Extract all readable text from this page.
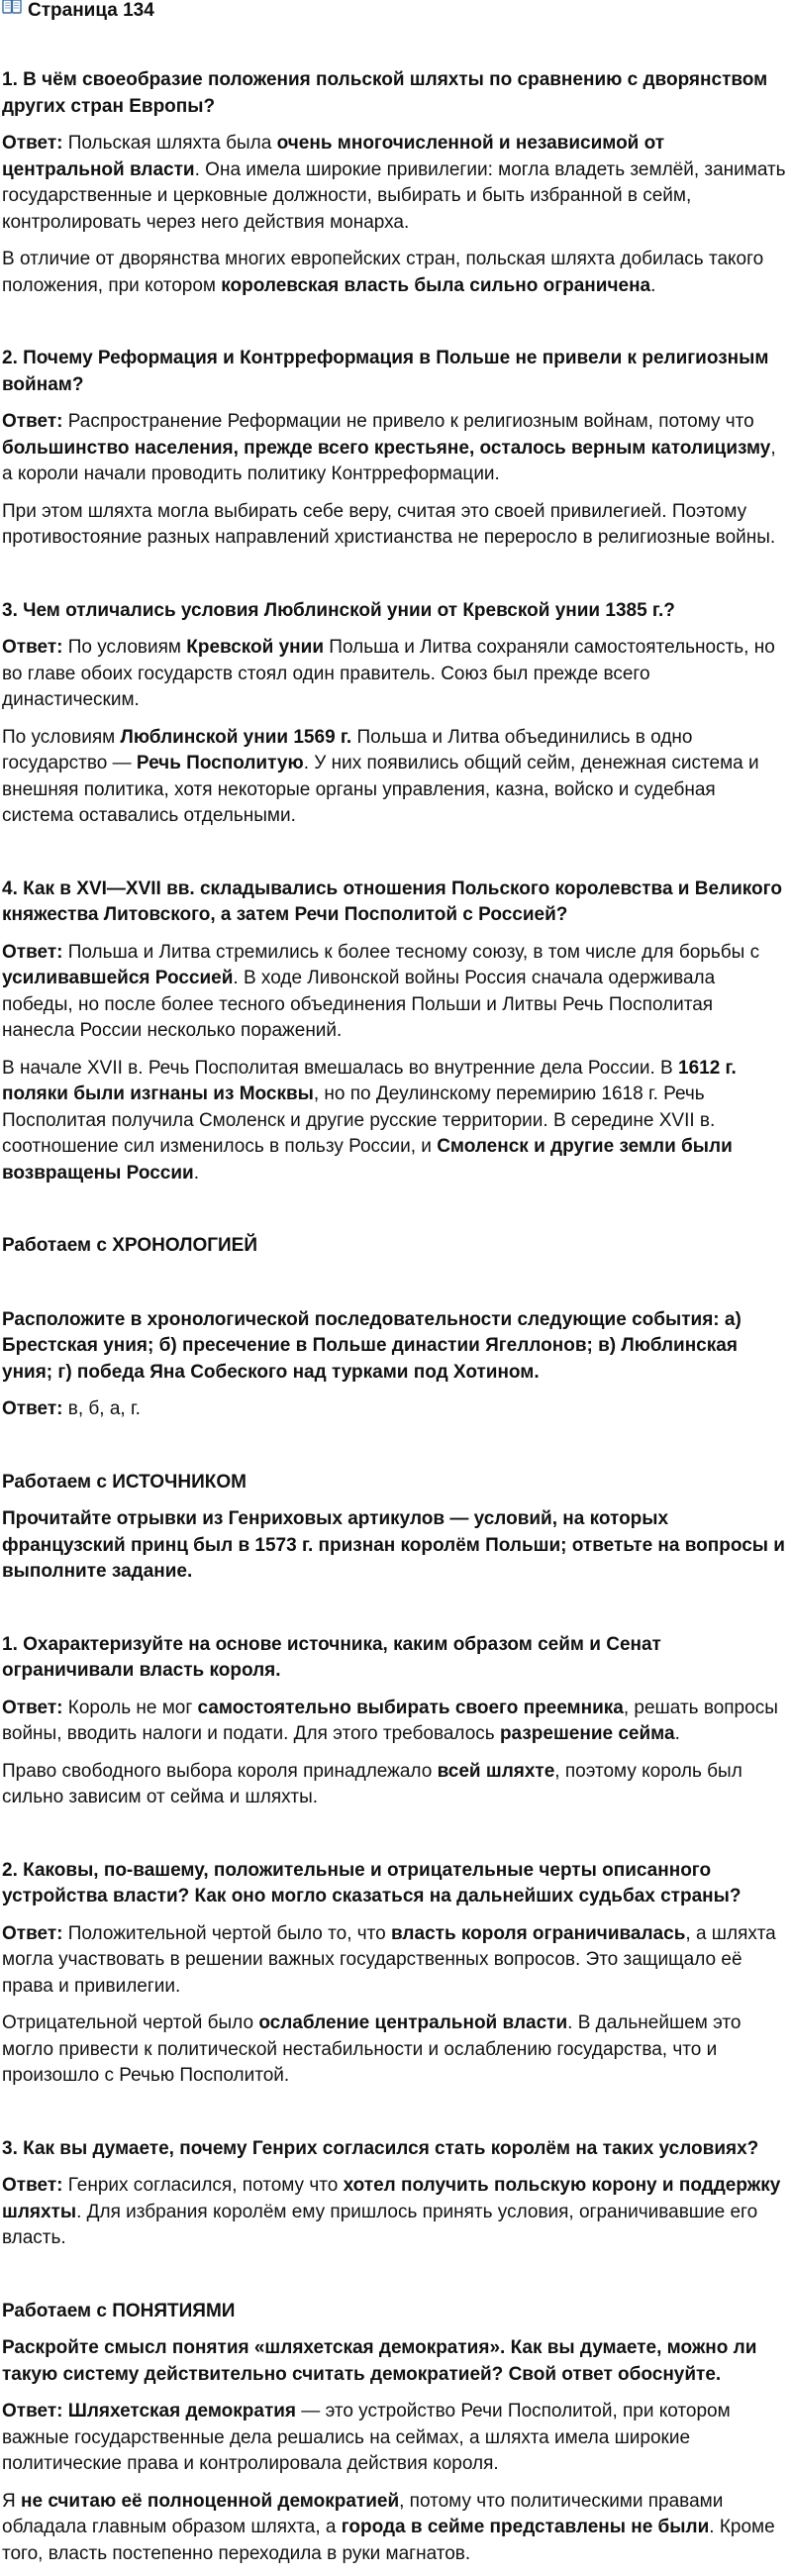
Страница 134

1. В чём своеобразие положения польской шляхты по сравнению с дворянством других стран Европы?

Ответ: Польская шляхта была очень многочисленной и независимой от центральной власти. Она имела широкие привилегии: могла владеть землёй, занимать государственные и церковные должности, выбирать и быть избранной в сейм, контролировать через него действия монарха.

В отличие от дворянства многих европейских стран, польская шляхта добилась такого положения, при котором королевская власть была сильно ограничена.

2. Почему Реформация и Контрреформация в Польше не привели к религиозным войнам?

Ответ: Распространение Реформации не привело к религиозным войнам, потому что большинство населения, прежде всего крестьяне, осталось верным католицизму, а короли начали проводить политику Контрреформации.

При этом шляхта могла выбирать себе веру, считая это своей привилегией. Поэтому противостояние разных направлений христианства не переросло в религиозные войны.

3. Чем отличались условия Люблинской унии от Кревской унии 1385 г.?

Ответ: По условиям Кревской унии Польша и Литва сохраняли самостоятельность, но во главе обоих государств стоял один правитель. Союз был прежде всего династическим.

По условиям Люблинской унии 1569 г. Польша и Литва объединились в одно государство — Речь Посполитую. У них появились общий сейм, денежная система и внешняя политика, хотя некоторые органы управления, казна, войско и судебная система оставались отдельными.

4. Как в XVI—XVII вв. складывались отношения Польского королевства и Великого княжества Литовского, а затем Речи Посполитой с Россией?

Ответ: Польша и Литва стремились к более тесному союзу, в том числе для борьбы с усиливавшейся Россией. В ходе Ливонской войны Россия сначала одерживала победы, но после более тесного объединения Польши и Литвы Речь Посполитая нанесла России несколько поражений.

В начале XVII в. Речь Посполитая вмешалась во внутренние дела России. В 1612 г. поляки были изгнаны из Москвы, но по Деулинскому перемирию 1618 г. Речь Посполитая получила Смоленск и другие русские территории. В середине XVII в. соотношение сил изменилось в пользу России, и Смоленск и другие земли были возвращены России.

Работаем с ХРОНОЛОГИЕЙ

Расположите в хронологической последовательности следующие события: а) Брестская уния; б) пресечение в Польше династии Ягеллонов; в) Люблинская уния; г) победа Яна Собеского над турками под Хотином.

Ответ: в, б, а, г.

Работаем с ИСТОЧНИКОМ

Прочитайте отрывки из Генриховых артикулов — условий, на которых французский принц был в 1573 г. признан королём Польши; ответьте на вопросы и выполните задание.

1. Охарактеризуйте на основе источника, каким образом сейм и Сенат ограничивали власть короля.

Ответ: Король не мог самостоятельно выбирать своего преемника, решать вопросы войны, вводить налоги и подати. Для этого требовалось разрешение сейма.

Право свободного выбора короля принадлежало всей шляхте, поэтому король был сильно зависим от сейма и шляхты.

2. Каковы, по-вашему, положительные и отрицательные черты описанного устройства власти? Как оно могло сказаться на дальнейших судьбах страны?

Ответ: Положительной чертой было то, что власть короля ограничивалась, а шляхта могла участвовать в решении важных государственных вопросов. Это защищало её права и привилегии.

Отрицательной чертой было ослабление центральной власти. В дальнейшем это могло привести к политической нестабильности и ослаблению государства, что и произошло с Речью Посполитой.

3. Как вы думаете, почему Генрих согласился стать королём на таких условиях?

Ответ: Генрих согласился, потому что хотел получить польскую корону и поддержку шляхты. Для избрания королём ему пришлось принять условия, ограничивавшие его власть.

Работаем с ПОНЯТИЯМИ

Раскройте смысл понятия «шляхетская демократия». Как вы думаете, можно ли такую систему действительно считать демократией? Свой ответ обоснуйте.

Ответ: Шляхетская демократия — это устройство Речи Посполитой, при котором важные государственные дела решались на сеймах, а шляхта имела широкие политические права и контролировала действия короля.

Я не считаю её полноценной демократией, потому что политическими правами обладала главным образом шляхта, а города в сейме представлены не были. Кроме того, власть постепенно переходила в руки магнатов.
